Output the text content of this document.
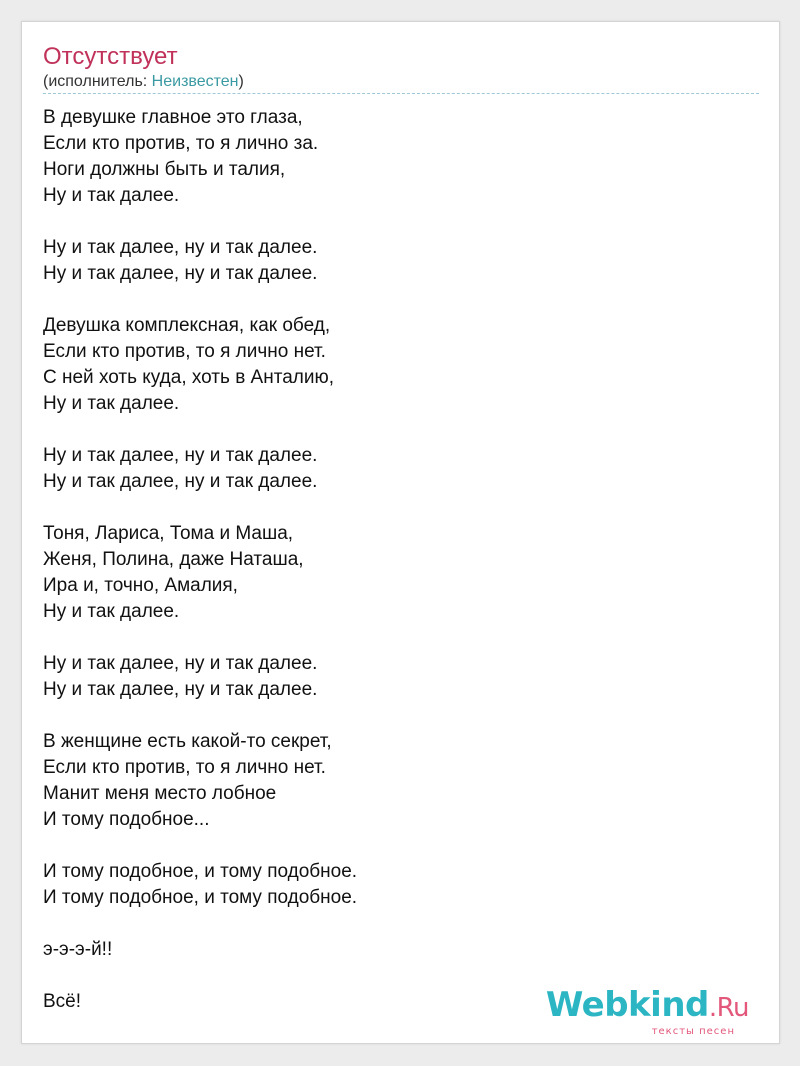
Отсутствует
(исполнитель: Неизвестен)
В девушке главное это глаза,
Если кто против, то я лично за.
Ноги должны быть и талия,
Ну и так далее.
Ну и так далее, ну и так далее.
Ну и так далее, ну и так далее.
Девушка комплексная, как обед,
Если кто против, то я лично нет.
С ней хоть куда, хоть в Анталию,
Ну и так далее.
Ну и так далее, ну и так далее.
Ну и так далее, ну и так далее.
Тоня, Лариса, Тома и Маша,
Женя, Полина, даже Наташа,
Ира и, точно, Амалия,
Ну и так далее.
Ну и так далее, ну и так далее.
Ну и так далее, ну и так далее.
В женщине есть какой-то секрет,
Если кто против, то я лично нет.
Манит меня место лобное
И тому подобное...
И тому подобное, и тому подобное.
И тому подобное, и тому подобное.
э-э-э-й!!
Всё!	Webkind.Ru
тексты песен
